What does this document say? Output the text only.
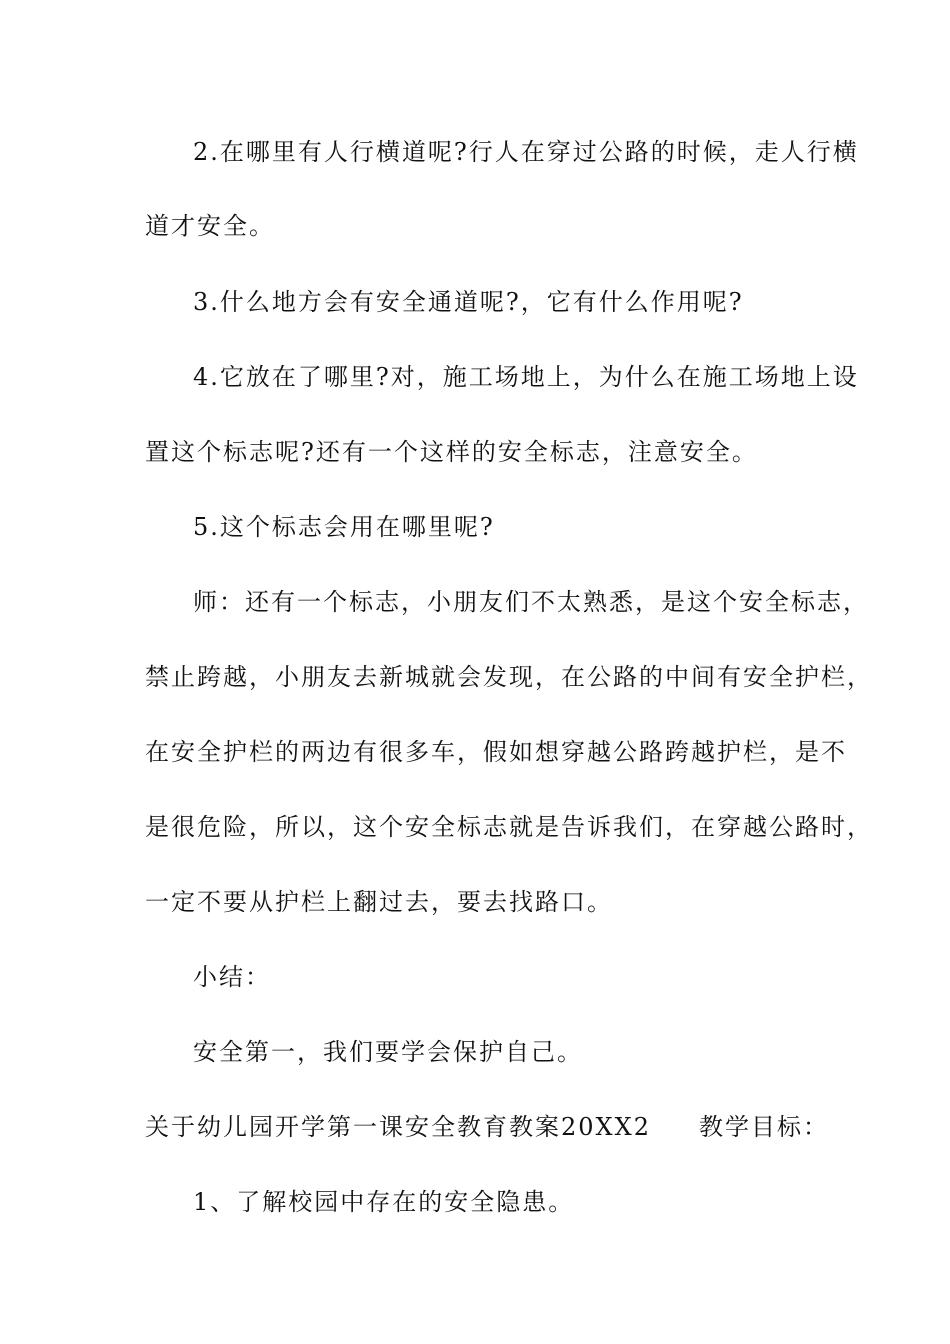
2.在哪里有人行横道呢?行人在穿过公路的时候，走人行横
道才安全。
3.什么地方会有安全通道呢?，它有什么作用呢?
4.它放在了哪里?对，施工场地上，为什么在施工场地上设
置这个标志呢?还有一个这样的安全标志，注意安全。
5.这个标志会用在哪里呢?
师：还有一个标志，小朋友们不太熟悉，是这个安全标志，
禁止跨越，小朋友去新城就会发现，在公路的中间有安全护栏，
在安全护栏的两边有很多车，假如想穿越公路跨越护栏，是不
是很危险，所以，这个安全标志就是告诉我们，在穿越公路时，
一定不要从护栏上翻过去，要去找路口。
小结：
安全第一，我们要学会保护自己。
关于幼儿园开学第一课安全教育教案20XX2 教学目标：
1、了解校园中存在的安全隐患。
